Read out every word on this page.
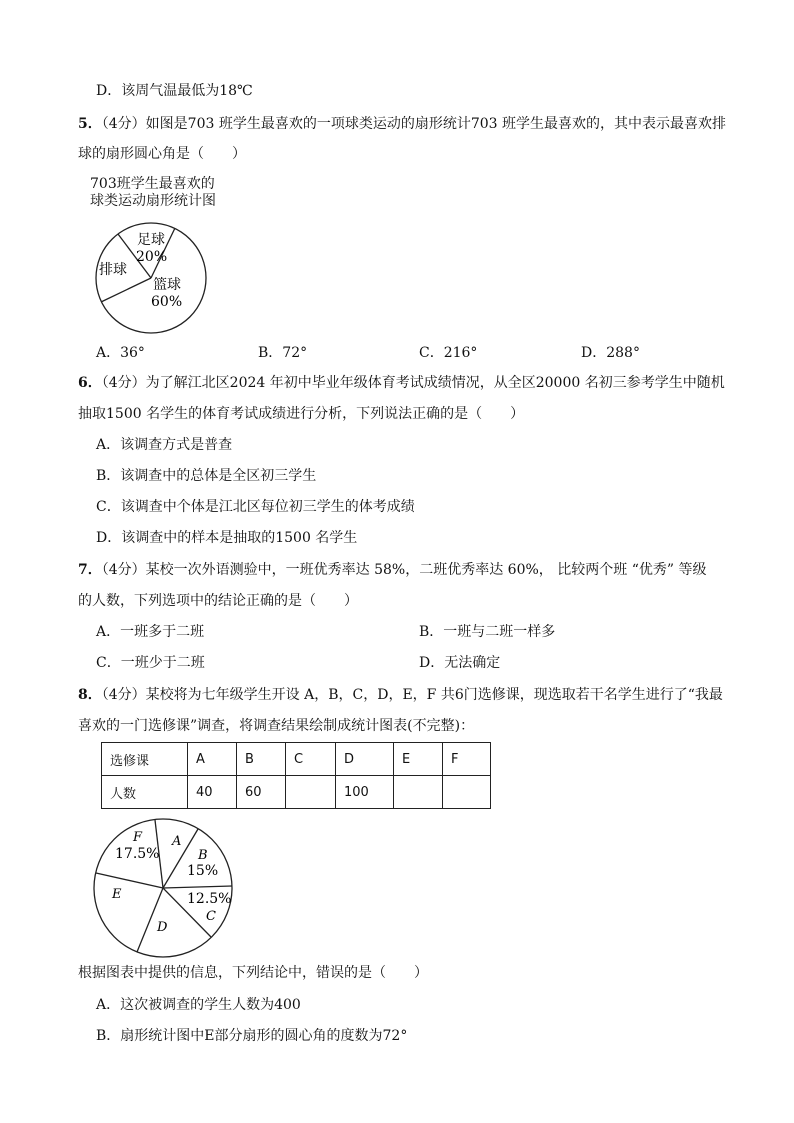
D．该周气温最低为18℃
5．（4分）如图是703 班学生最喜欢的一项球类运动的扇形统计703 班学生最喜欢的，其中表示最喜欢排
球的扇形圆心角是（　　）
703班学生最喜欢的
球类运动扇形统计图
足球
20%
排球
篮球
60%
A．36°	B．72°	C．216°	D．288°
6．（4分）为了解江北区2024 年初中毕业年级体育考试成绩情况，从全区20000 名初三参考学生中随机
抽取1500 名学生的体育考试成绩进行分析，下列说法正确的是（　　）
A．该调查方式是普查
B．该调查中的总体是全区初三学生
C．该调查中个体是江北区每位初三学生的体考成绩
D．该调查中的样本是抽取的1500 名学生
7．（4分）某校一次外语测验中，一班优秀率达 58%，二班优秀率达 60%， 比较两个班 “优秀” 等级
的人数，下列选项中的结论正确的是（　　）
A．一班多于二班	B．一班与二班一样多
C．一班少于二班	D．无法确定
8．（4分）某校将为七年级学生开设 A，B，C，D，E，F 共6门选修课，现选取若干名学生进行了“我最
喜欢的一门选修课”调查，将调查结果绘制成统计图表(不完整)：
选修课	A	B	C	D	E	F
人数	40	60		100		
F
17.5%
A
B
15%
12.5%
C
D
E
根据图表中提供的信息，下列结论中，错误的是（　　）
A．这次被调查的学生人数为400
B．扇形统计图中E部分扇形的圆心角的度数为72°
